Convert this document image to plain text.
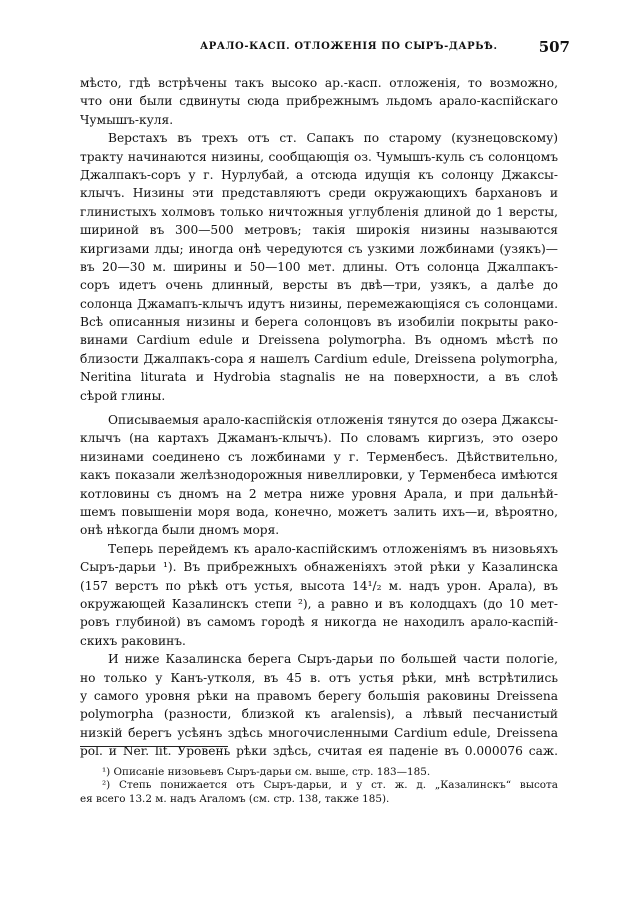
АРАЛО-КАСП. ОТЛОЖЕНIЯ ПО СЫРЪ-ДАРЬѢ.	507
мѣсто, гдѣ встрѣчены такъ высоко ар.-касп. отложенiя, то возможно,
что они были сдвинуты сюда прибрежнымъ льдомъ арало-каспiйскаго
Чумышъ-куля.
Верстахъ въ трехъ отъ ст. Сапакъ по старому (кузнецовскому)
тракту начинаются низины, сообщающiя оз. Чумышъ-куль съ солонцомъ
Джалпакъ-соръ у г. Нурлубай, а отсюда идущiя къ солонцу Джаксы-
клычъ. Низины эти представляютъ среди окружающихъ бархановъ и
глинистыхъ холмовъ только ничтожныя углубленiя длиной до 1 версты,
шириной въ 300—500 метровъ; такiя широкiя низины называются
киргизами лды; иногда онѣ чередуются съ узкими ложбинами (узякъ)—
въ 20—30 м. ширины и 50—100 мет. длины. Отъ солонца Джалпакъ-
соръ идетъ очень длинный, версты въ двѣ—три, узякъ, а далѣе до
солонца Джамапъ-клычъ идутъ низины, перемежающiяся съ солонцами.
Всѣ описанныя низины и берега солонцовъ въ изобилiи покрыты рако-
винами Cardium edule и Dreissena polymorpha. Въ одномъ мѣстѣ по
близости Джалпакъ-сора я нашелъ Cardium edule, Dreissena polymorpha,
Neritina liturata и Hydrobia stagnalis не на поверхности, а въ слоѣ
сѣрой глины.
Описываемыя арало-каспiйскiя отложенiя тянутся до озера Джаксы-
клычъ (на картахъ Джаманъ-клычъ). По словамъ киргизъ, это озеро
низинами соединено съ ложбинами у г. Терменбесъ. Дѣйствительно,
какъ показали желѣзнодорожныя нивеллировки, у Терменбеса имѣются
котловины съ дномъ на 2 метра ниже уровня Арала, и при дальнѣй-
шемъ повышенiи моря вода, конечно, можетъ залить ихъ—и, вѣроятно,
онѣ нѣкогда были дномъ моря.
Теперь перейдемъ къ арало-каспiйскимъ отложенiямъ въ низовьяхъ
Сыръ-дарьи ¹). Въ прибрежныхъ обнаженiяхъ этой рѣки у Казалинска
(157 верстъ по рѣкѣ отъ устья, высота 14¹/₂ м. надъ урон. Арала), въ
окружающей Казалинскъ степи ²), а равно и въ колодцахъ (до 10 мет-
ровъ глубиной) въ самомъ городѣ я никогда не находилъ арало-каспiй-
скихъ раковинъ.
И ниже Казалинска берега Сыръ-дарьи по большей части пологiе,
но только у Канъ-утколя, въ 45 в. отъ устья рѣки, мнѣ встрѣтились
у самого уровня рѣки на правомъ берегу большiя раковины Dreissena
polymorpha (разности, близкой къ aralensis), а лѣвый песчанистый
низкiй берегъ усѣянъ здѣсь многочисленными Cardium edule, Dreissena
pol. и Ner. lit. Уровень рѣки здѣсь, считая ея паденiе въ 0.000076 саж.
¹) Описанiе низовьевъ Сыръ-дарьи см. выше, стр. 183—185.
²) Степь понижается отъ Сыръ-дарьи, и у ст. ж. д. „Казалинскъ“ высота
ея всего 13.2 м. надъ Araломъ (см. стр. 138, также 185).
